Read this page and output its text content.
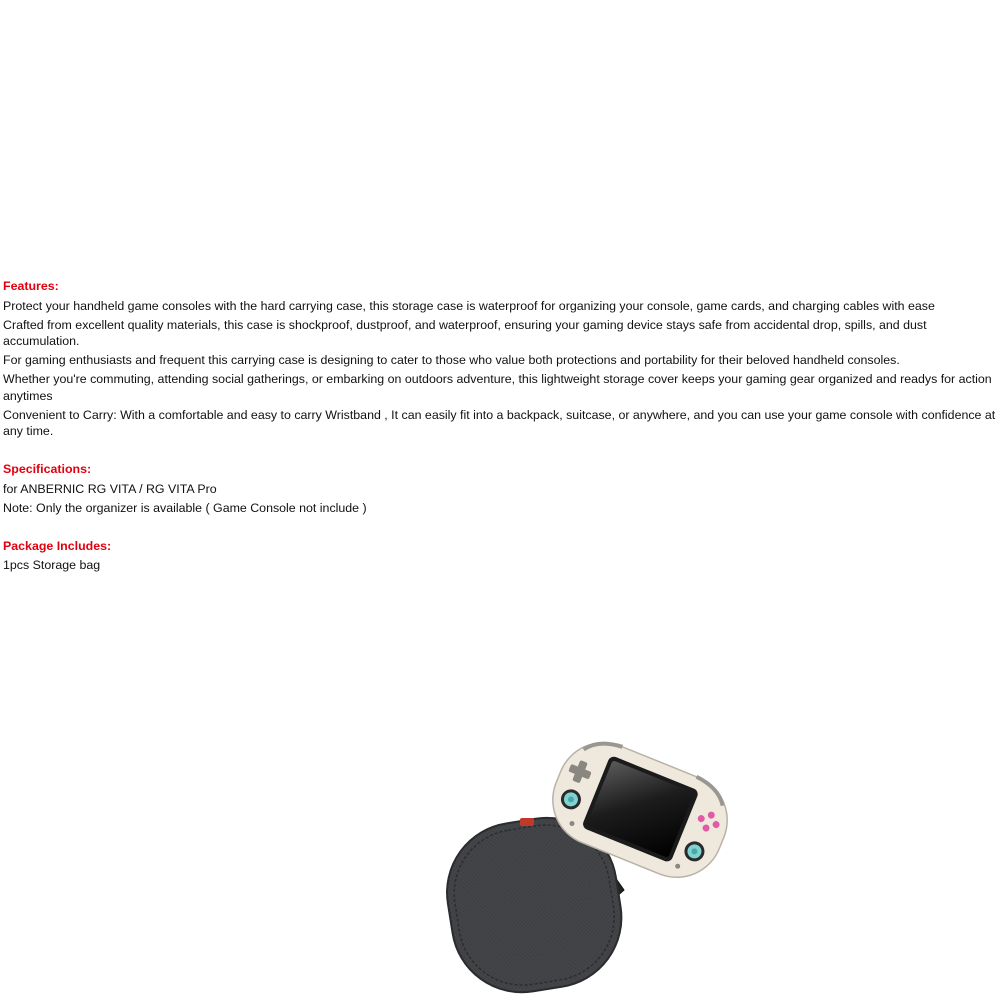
Features:
Protect your handheld game consoles with the hard carrying case, this storage case is waterproof for organizing your console, game cards, and charging cables with ease
Crafted from excellent quality materials, this case is shockproof, dustproof, and waterproof, ensuring your gaming device stays safe from accidental drop, spills, and dust accumulation.
For gaming enthusiasts and frequent this carrying case is designing to cater to those who value both protections and portability for their beloved handheld consoles.
Whether you're commuting, attending social gatherings, or embarking on outdoors adventure, this lightweight storage cover keeps your gaming gear organized and readys for action anytimes
Convenient to Carry: With a comfortable and easy to carry Wristband , It can easily fit into a backpack, suitcase, or anywhere, and you can use your game console with confidence at any time.
Specifications:
for ANBERNIC RG VITA / RG VITA Pro
Note: Only the organizer is available ( Game Console not include )
Package Includes:
1pcs Storage bag
